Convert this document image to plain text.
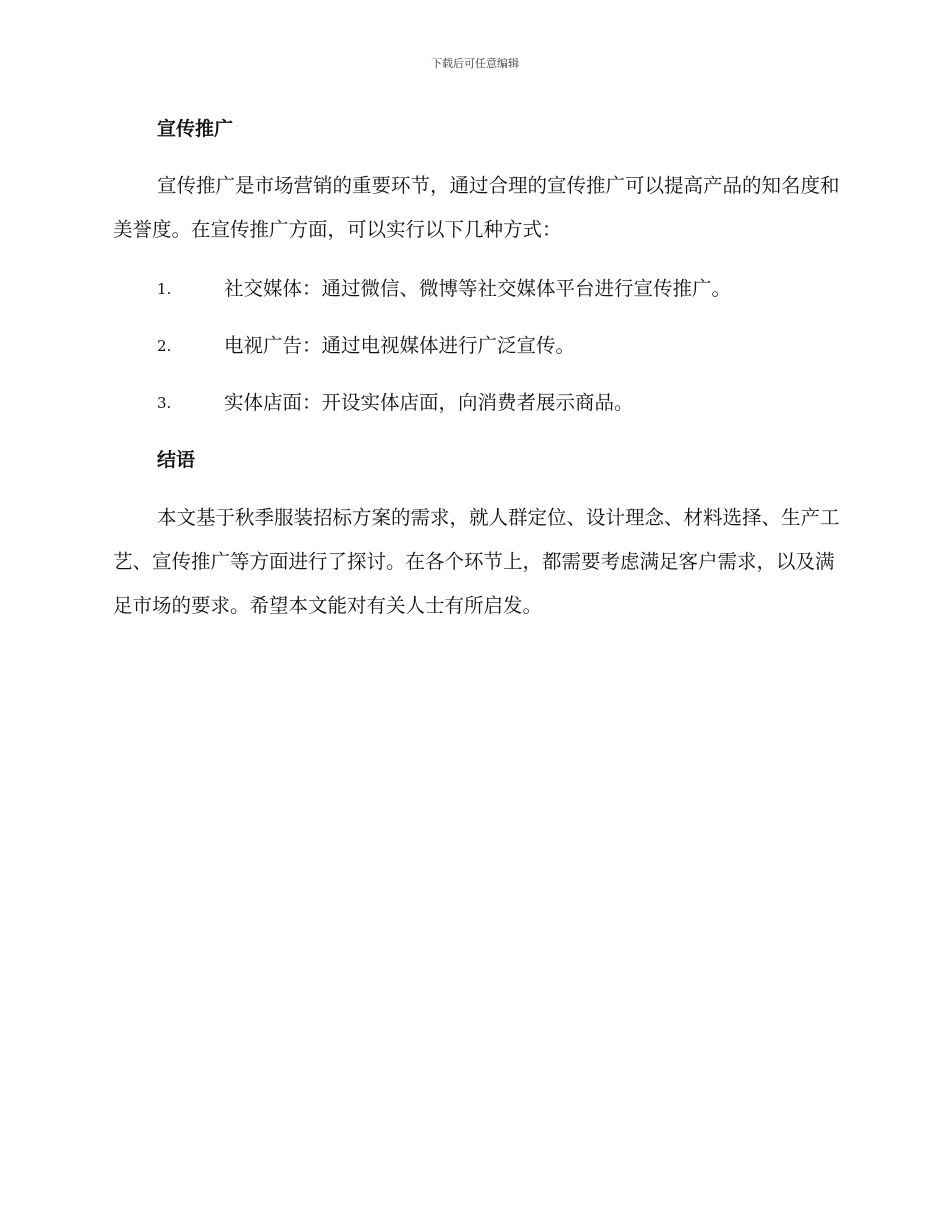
下载后可任意编辑
宣传推广

宣传推广是市场营销的重要环节，通过合理的宣传推广可以提高产品的知名度和美誉度。在宣传推广方面，可以实行以下几种方式：

1.	社交媒体：通过微信、微博等社交媒体平台进行宣传推广。
2.	电视广告：通过电视媒体进行广泛宣传。
3.	实体店面：开设实体店面，向消费者展示商品。
结语

本文基于秋季服装招标方案的需求，就人群定位、设计理念、材料选择、生产工艺、宣传推广等方面进行了探讨。在各个环节上，都需要考虑满足客户需求，以及满足市场的要求。希望本文能对有关人士有所启发。
